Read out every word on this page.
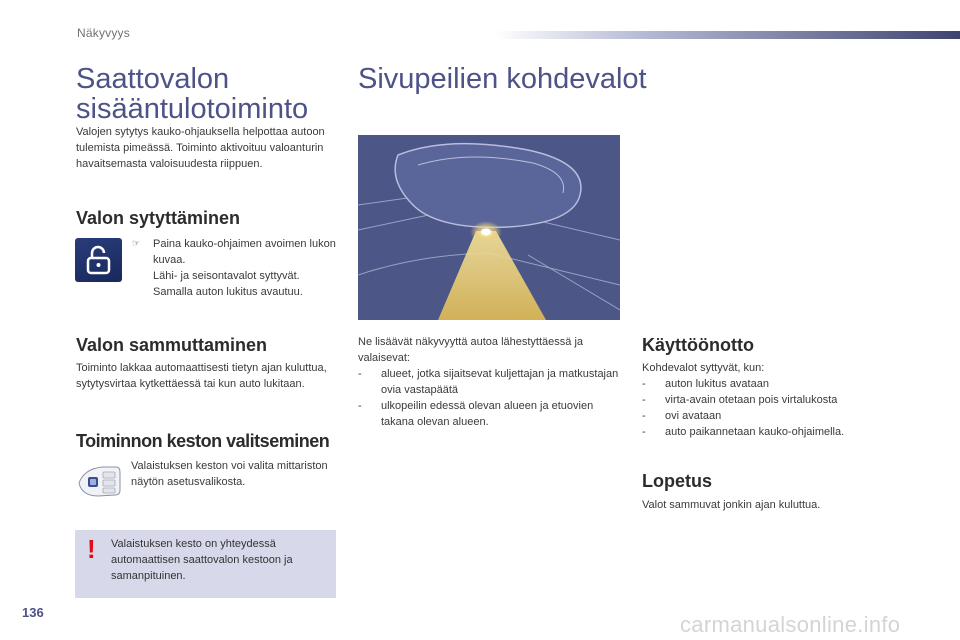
Näkyvyys
Saattovalon
sisääntulotoiminto

Valojen sytytys kauko-ohjauksella helpottaa autoon tulemista pimeässä. Toiminto aktivoituu valoanturin havaitsemasta valoisuudesta riippuen.

Valon sytyttäminen
☞ Paina kauko-ohjaimen avoimen lukon kuvaa.

Lähi- ja seisontavalot syttyvät. Samalla auton lukitus avautuu.

Valon sammuttaminen

Toiminto lakkaa automaattisesti tietyn ajan kuluttua, sytytysvirtaa kytkettäessä tai kun auto lukitaan.

Toiminnon keston valitseminen

Valaistuksen keston voi valita mittariston näytön asetusvalikosta.

! Valaistuksen kesto on yhteydessä automaattisen saattovalon kestoon ja samanpituinen.

Sivupeilien kohdevalot

Ne lisäävät näkyvyyttä autoa lähestyttäessä ja valaisevat:

- alueet, jotka sijaitsevat kuljettajan ja matkustajan ovia vastapäätä
- ulkopeilin edessä olevan alueen ja etuovien takana olevan alueen.
Käyttöönotto

Kohdevalot syttyvät, kun:

- auton lukitus avataan
- virta-avain otetaan pois virtalukosta
- ovi avataan
- auto paikannetaan kauko-ohjaimella.
Lopetus

Valot sammuvat jonkin ajan kuluttua.

136	carmanualsonline.info
